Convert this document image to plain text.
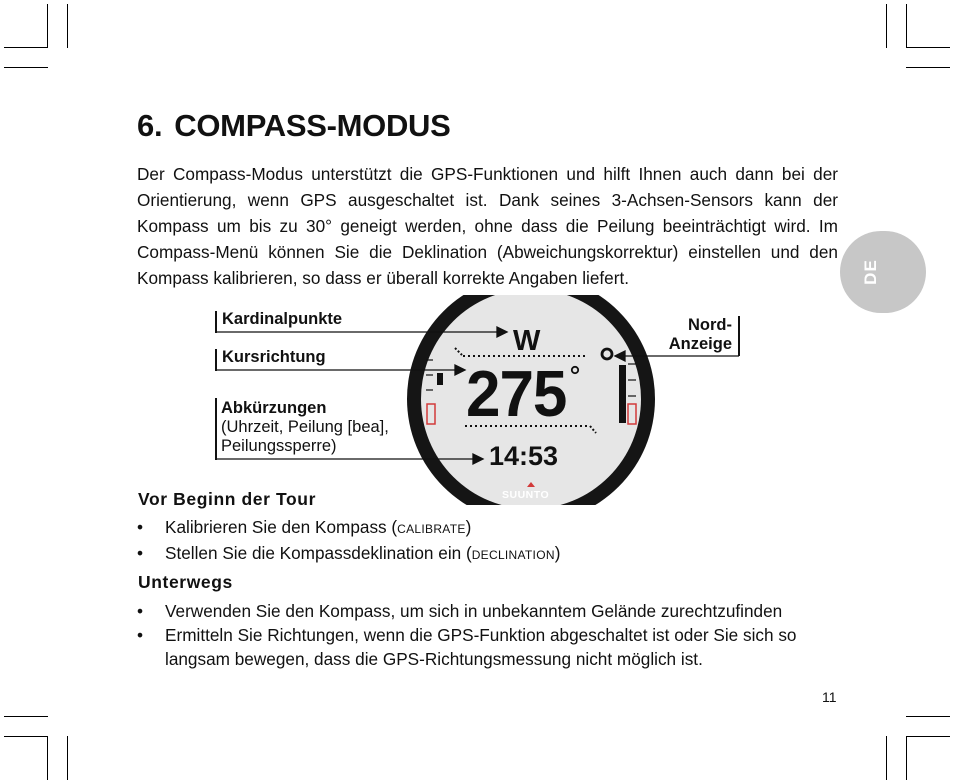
6. COMPASS-MODUS

Der Compass-Modus unterstützt die GPS-Funktionen und hilft Ihnen auch dann bei der Orientierung, wenn GPS ausgeschaltet ist. Dank seines 3-Achsen-Sensors kann der Kompass um bis zu 30° geneigt werden, ohne dass die Peilung beeinträchtigt wird. Im Compass-Menü können Sie die Deklination (Abweichungskorrektur) einstellen und den Kompass kalibrieren, so dass er überall korrekte Angaben liefert.	DE
W
275
14:53
SUUNTO
Kardinalpunkte
Kursrichtung
Abkürzungen
(Uhrzeit, Peilung [bea],
Peilungssperre)
Nord-
Anzeige
Vor Beginn der Tour
• Kalibrieren Sie den Kompass (CALIBRATE)
• Stellen Sie die Kompassdeklination ein (DECLINATION)
Unterwegs
• Verwenden Sie den Kompass, um sich in unbekanntem Gelände zurechtzufinden
• Ermitteln Sie Richtungen, wenn die GPS-Funktion abgeschaltet ist oder Sie sich so langsam bewegen, dass die GPS-Richtungsmessung nicht möglich ist.
11
